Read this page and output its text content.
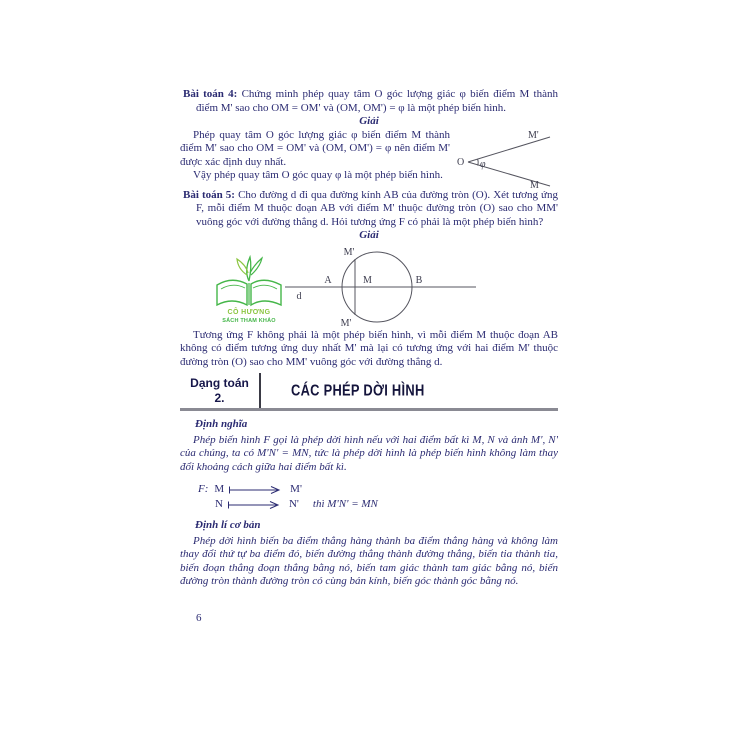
Bài toán 4: Chứng minh phép quay tâm O góc lượng giác φ biến điểm M thành điểm M' sao cho OM = OM' và (OM, OM') = φ là một phép biến hình.

Giải
O φ
M'
M

Phép quay tâm O góc lượng giác φ biến điểm M thành điểm M' sao cho OM = OM' và (OM, OM') = φ nên điểm M' được xác định duy nhất.

Vậy phép quay tâm O góc quay φ là một phép biến hình.

Bài toán 5: Cho đường d đi qua đường kính AB của đường tròn (O). Xét tương ứng F, mỗi điểm M thuộc đoạn AB với điểm M' thuộc đường tròn (O) sao cho MM' vuông góc với đường thẳng d. Hỏi tương ứng F có phải là một phép biến hình?

Giải
CÔ HƯƠNG
SÁCH THAM KHẢO
M'
M'
A	M	B
d

Tương ứng F không phải là một phép biến hình, vì mỗi điểm M thuộc đoạn AB không có điểm tương ứng duy nhất M' mà lại có tương ứng với hai điểm M' thuộc đường tròn (O) sao cho MM' vuông góc với đường thẳng d.

Dạng toán
2.	CÁC PHÉP DỜI HÌNH
Định nghĩa

Phép biến hình F gọi là phép dời hình nếu với hai điểm bất kì M, N và ảnh M', N' của chúng, ta có M'N' = MN, tức là phép dời hình là phép biến hình không làm thay đổi khoảng cách giữa hai điểm bất kì.

F: M	M'
N	N' thì M'N' = MN
Định lí cơ bản

Phép dời hình biến ba điểm thẳng hàng thành ba điểm thẳng hàng và không làm thay đổi thứ tự ba điểm đó, biến đường thẳng thành đường thẳng, biến tia thành tia, biến đoạn thẳng đoạn thẳng bằng nó, biến tam giác thành tam giác bằng nó, biến đường tròn thành đường tròn có cùng bán kính, biến góc thành góc bằng nó.

6
